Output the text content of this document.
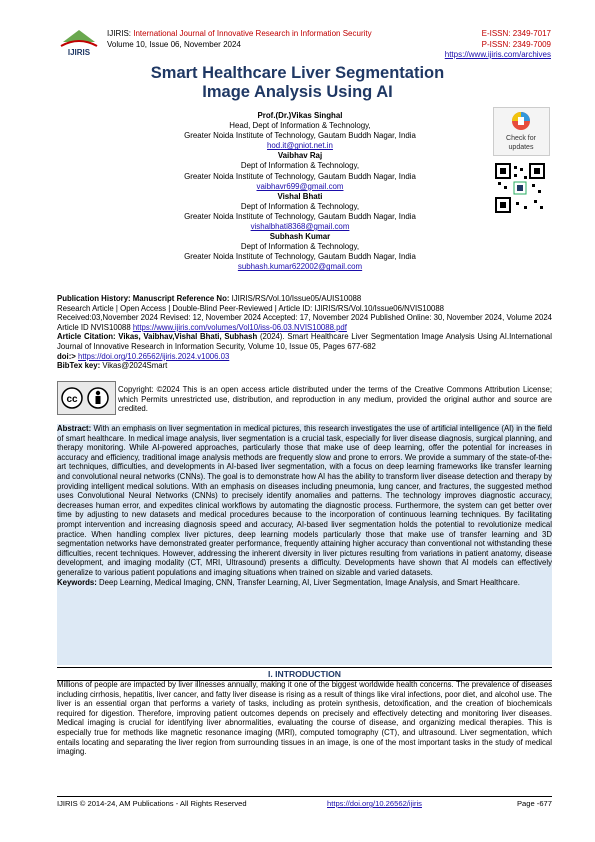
IJIRIS
IJIRIS: International Journal of Innovative Research in Information Security
Volume 10, Issue 06, November 2024
E-ISSN: 2349-7017
P-ISSN: 2349-7009
https://www.ijiris.com/archives
Smart Healthcare Liver Segmentation
Image Analysis Using AI
Prof.(Dr.)Vikas Singhal
Head, Dept of Information & Technology,
Greater Noida Institute of Technology, Gautam Buddh Nagar, India
hod.it@gniot.net.in
Vaibhav Raj
Dept of Information & Technology,
Greater Noida Institute of Technology, Gautam Buddh Nagar, India
vaibhavr699@gmail.com
Vishal Bhati
Dept of Information & Technology,
Greater Noida Institute of Technology, Gautam Buddh Nagar, India
vishalbhati8368@gmail.com
Subhash Kumar
Dept of Information & Technology,
Greater Noida Institute of Technology, Gautam Buddh Nagar, India
subhash.kumar622002@gmail.com
Check for
updates
Publication History: Manuscript Reference No: IJIRIS/RS/Vol.10/Issue05/AUIS10088
Research Article | Open Access | Double-Blind Peer-Reviewed | Article ID: IJIRIS/RS/Vol.10/Issue06/NVIS10088
Received:03,November 2024 Revised: 12, November 2024 Accepted: 17, November 2024 Published Online: 30, November 2024, Volume 2024 Article ID NVIS10088 https://www.ijiris.com/volumes/Vol10/iss-06.03.NVIS10088.pdf
Article Citation: Vikas, Vaibhav,Vishal Bhati, Subhash (2024). Smart Healthcare Liver Segmentation Image Analysis Using AI.International Journal of Innovative Research in Information Security, Volume 10, Issue 05, Pages 677-682
doi:> https://doi.org/10.26562/ijiris.2024.v1006.03
BibTex key: Vikas@2024Smart
cc
Copyright: ©2024 This is an open access article distributed under the terms of the Creative Commons Attribution License; which Permits unrestricted use, distribution, and reproduction in any medium, provided the original author and source are credited.
Abstract: With an emphasis on liver segmentation in medical pictures, this research investigates the use of artificial intelligence (AI) in the field of smart healthcare. In medical image analysis, liver segmentation is a crucial task, especially for liver disease diagnosis, surgical planning, and therapy monitoring. While AI-powered approaches, particularly those that make use of deep learning, offer the potential for increases in accuracy and efficiency, traditional image analysis methods are frequently slow and prone to errors. We provide a summary of the state-of-the-art techniques, difficulties, and developments in AI-based liver segmentation, with a focus on deep learning frameworks like transfer learning and convolutional neural networks (CNNs). The goal is to demonstrate how AI has the ability to transform liver disease detection and therapy by providing intelligent medical solutions. With an emphasis on diseases including pneumonia, lung cancer, and fractures, the suggested method uses Convolutional Neural Networks (CNNs) to precisely identify anomalies and patterns. The technology improves diagnostic accuracy, decreases human error, and expedites clinical workflows by automating the diagnostic process. Furthermore, the system can get better over time by adjusting to new datasets and medical procedures because to the incorporation of continuous learning techniques. By facilitating prompt intervention and increasing diagnosis speed and accuracy, AI-based liver segmentation holds the potential to revolutionize medical practice. When handling complex liver pictures, deep learning models particularly those that make use of transfer learning and 3D segmentation networks have demonstrated greater performance, frequently attaining higher accuracy than conventional not withstanding these difficulties, recent techniques. However, addressing the inherent diversity in liver pictures resulting from variations in patient anatomy, disease development, and imaging modality (CT, MRI, Ultrasound) presents a difficulty. Developments have shown that AI models can effectively generalize to various patient populations and imaging situations when trained on sizable and varied datasets.
Keywords: Deep Learning, Medical Imaging, CNN, Transfer Learning, AI, Liver Segmentation, Image Analysis, and Smart Healthcare.
I. INTRODUCTION
Millions of people are impacted by liver illnesses annually, making it one of the biggest worldwide health concerns. The prevalence of diseases including cirrhosis, hepatitis, liver cancer, and fatty liver disease is rising as a result of things like viral infections, poor diet, and alcohol use. The liver is an essential organ that performs a variety of tasks, including as protein synthesis, detoxification, and the creation of biochemicals required for digestion. Therefore, improving patient outcomes depends on precisely and effectively detecting and monitoring liver diseases. Medical imaging is crucial for identifying liver abnormalities, evaluating the course of disease, and organizing medical therapies. This is especially true for methods like magnetic resonance imaging (MRI), computed tomography (CT), and ultrasound. Liver segmentation, which entails locating and separating the liver region from surrounding tissues in an image, is one of the most important tasks in the study of medical imaging.
IJIRIS © 2014-24, AM Publications - All Rights Reserved	https://doi.org/10.26562/ijiris	Page -677
